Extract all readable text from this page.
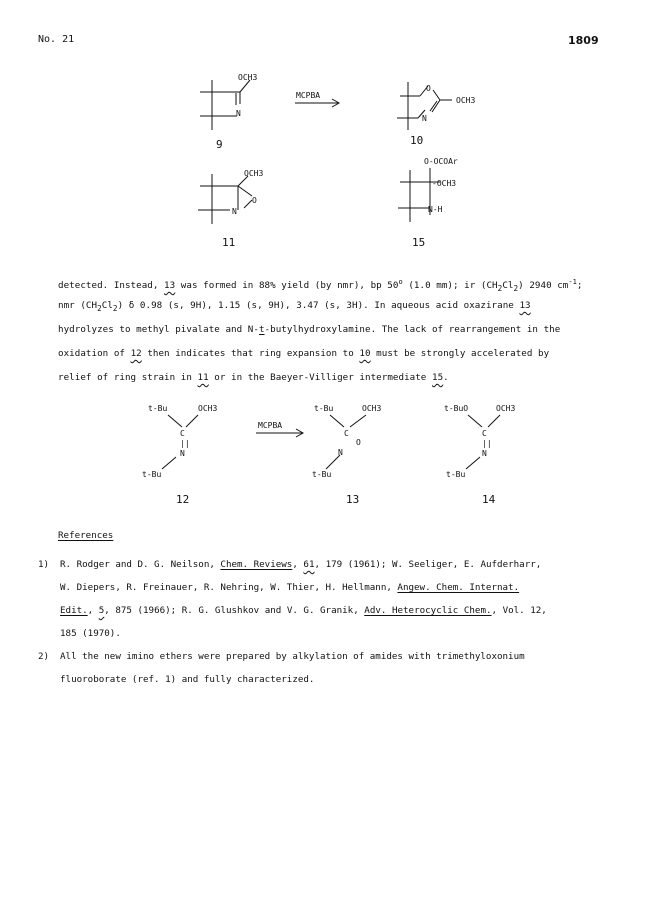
No. 21	1809
OCH3
N
9
MCPBA
O
OCH3
N
10
OCH3
N
O
11
O-OCOAr
-OCH3
N-H
15
detected. Instead, 13 was formed in 88% yield (by nmr), bp 50$^o$ (1.0 mm); ir $(CH_2Cl_2)$ 2940 $cm^{-1}$;
nmr $(CH_2Cl_2)$ δ 0.98 (s, 9H), 1.15 (s, 9H), 3.47 (s, 3H). In aqueous acid oxazirane 13
hydrolyzes to methyl pivalate and N-t-butylhydroxylamine. The lack of rearrangement in the
oxidation of 12 then indicates that ring expansion to 10 must be strongly accelerated by
relief of ring strain in 11 or in the Baeyer-Villiger intermediate 15.
t-Bu	OCH3
C
||
N
t-Bu
12
MCPBA
t-Bu	OCH3
C
O
N
t-Bu
13
t-BuO	OCH3
C
||
N
t-Bu
14
References
1) R. Rodger and D. G. Neilson, Chem. Reviews, 61, 179 (1961); W. Seeliger, E. Aufderharr,
W. Diepers, R. Freinauer, R. Nehring, W. Thier, H. Hellmann, Angew. Chem. Internat.
Edit., 5, 875 (1966); R. G. Glushkov and V. G. Granik, Adv. Heterocyclic Chem., Vol. 12,
185 (1970).
2) All the new imino ethers were prepared by alkylation of amides with trimethyloxonium
fluoroborate (ref. 1) and fully characterized.
